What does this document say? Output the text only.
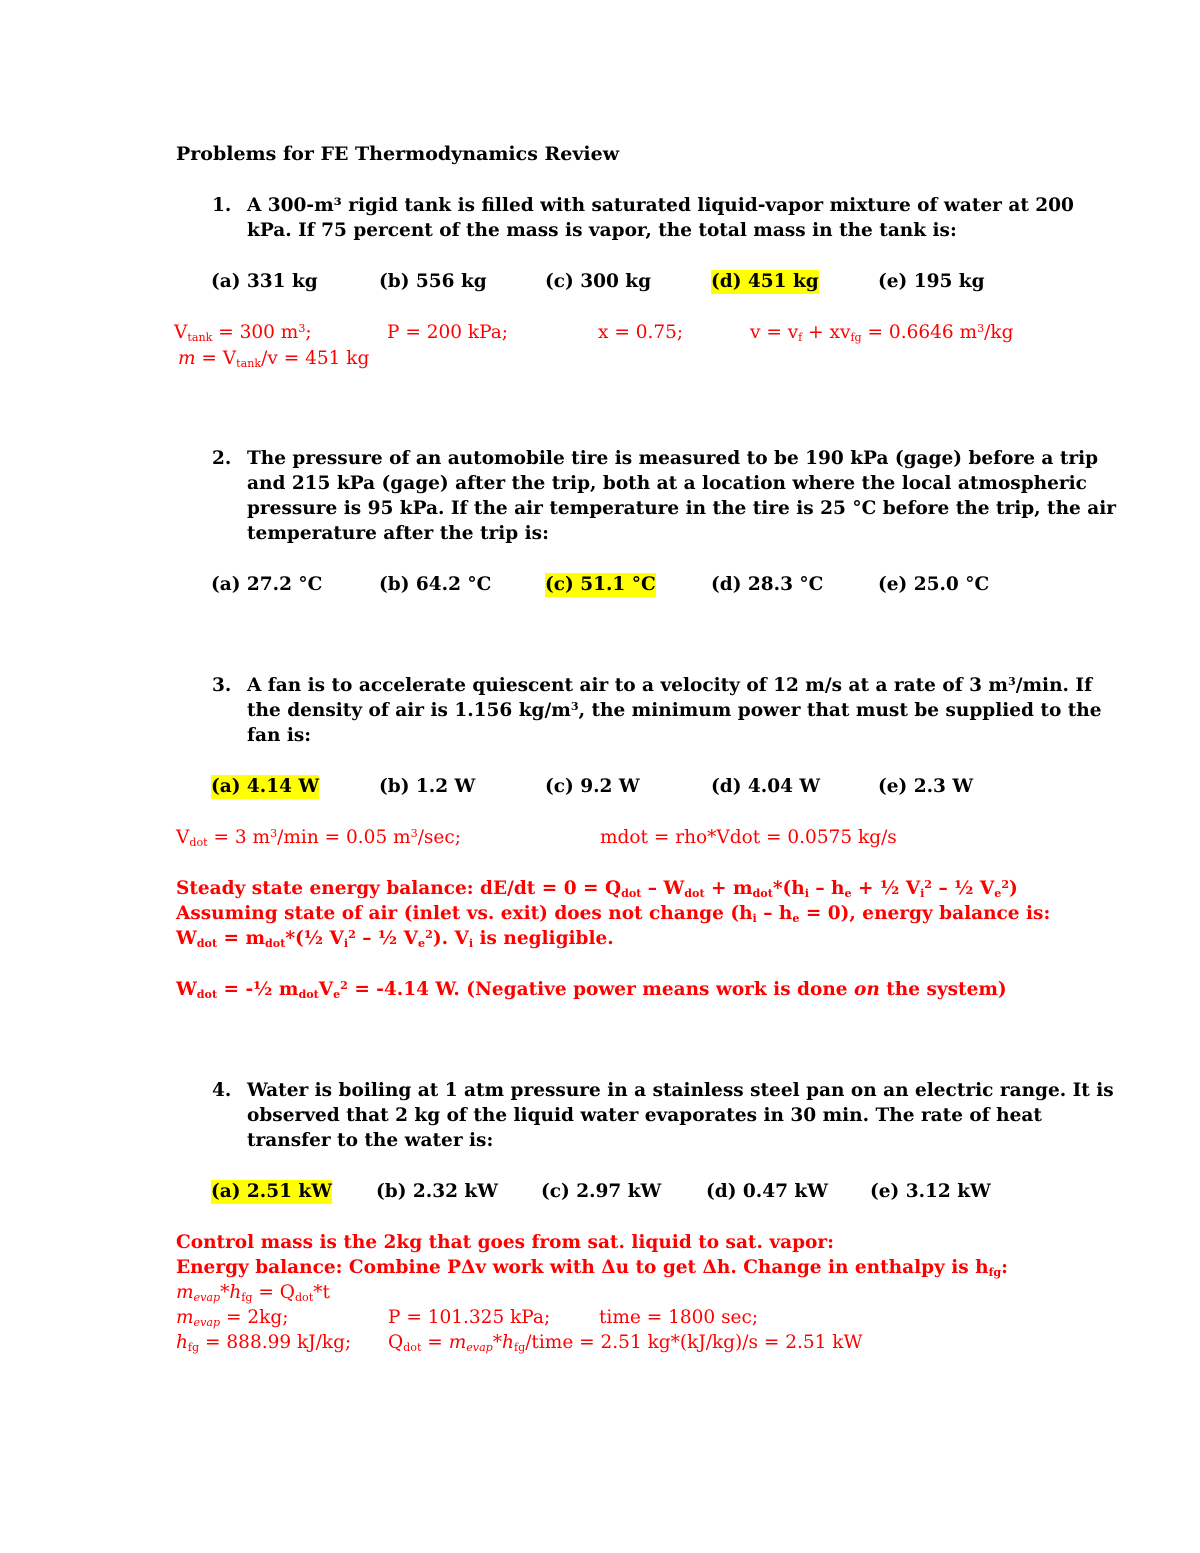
Problems for FE Thermodynamics Review
1. A 300-m³ rigid tank is filled with saturated liquid-vapor mixture of water at 200
kPa. If 75 percent of the mass is vapor, the total mass in the tank is:
(a) 331 kg	(b) 556 kg	(c) 300 kg	(d) 451 kg	(e) 195 kg
$V_{tank} = 300$ $m^3$;	P = 200 kPa;	x = 0.75;	$v = v_f + xv_{fg} = 0.6646$ $m^3/kg$
$m = V_{tank}/v = 451$ kg
2. The pressure of an automobile tire is measured to be 190 kPa (gage) before a trip
and 215 kPa (gage) after the trip, both at a location where the local atmospheric
pressure is 95 kPa. If the air temperature in the tire is 25 °C before the trip, the air
temperature after the trip is:
(a) 27.2 °C	(b) 64.2 °C	(c) 51.1 °C	(d) 28.3 °C	(e) 25.0 °C
3. A fan is to accelerate quiescent air to a velocity of 12 m/s at a rate of 3 $m^3/\min$. If
the density of air is 1.156 $kg/m^3$, the minimum power that must be supplied to the
fan is:
(a) 4.14 W	(b) 1.2 W	(c) 9.2 W	(d) 4.04 W	(e) 2.3 W
$V_{dot} = 3$ $m^3/\min = 0.05$ $m^3/\sec$;	mdot = rho*Vdot = 0.0575 kg/s
Steady state energy balance: $dE/dt = 0 = Q_{dot} - W_{dot} + m_{dot}*(h_i - h_e$ + ½ $V_i^2$ – ½ $V_e^2$)
Assuming state of air (inlet vs. exit) does not change $(h_i - h_e = 0)$, energy balance is:
$W_{dot}$ = $m_{dot}*(\frac{1}{2}$ $V_i^2$ – ½ $V_e^2$). $V_i$ is negligible.
$W_{dot}$ = -½ $m_{dot}V_e^2 = -4.14$ W. (Negative power means work is done on the system)
4. Water is boiling at 1 atm pressure in a stainless steel pan on an electric range. It is
observed that 2 kg of the liquid water evaporates in 30 min. The rate of heat
transfer to the water is:
(a) 2.51 kW (b) 2.32 kW (c) 2.97 kW (d) 0.47 kW (e) 3.12 kW
Control mass is the 2kg that goes from sat. liquid to sat. vapor:
Energy balance: Combine PΔv work with Δu to get Δh. Change in enthalpy is $h_{fg}$:
$m_{evap}*h_{fg} = Q_{dot}*t$
$m_{evap} = 2kg$;	P = 101.325 kPa;	time = 1800 sec;
$h_{fg} = 888.99$ kJ/kg; $Q_{dot}$ = $m_{evap}*h_{fg}$/time = 2.51 kg*(kJ/kg)/s = 2.51 kW
